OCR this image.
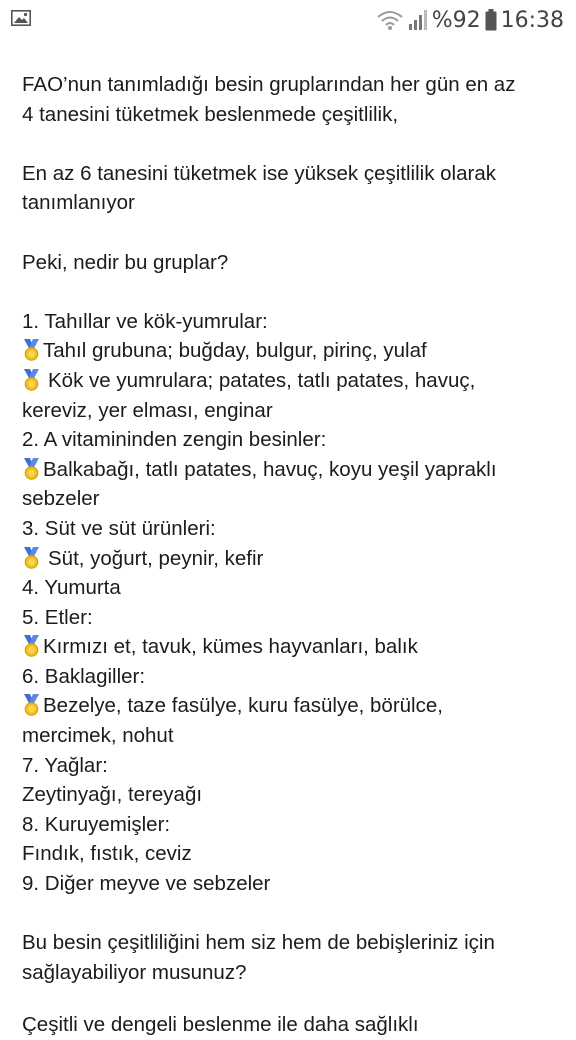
%92 16:38
FAO’nun tanımladığı besin gruplarından her gün en az
4 tanesini tüketmek beslenmede çeşitlilik,
En az 6 tanesini tüketmek ise yüksek çeşitlilik olarak
tanımlanıyor
Peki, nedir bu gruplar?
1. Tahıllar ve kök-yumrular:
Tahıl grubuna; buğday, bulgur, pirinç, yulaf
Kök ve yumrulara; patates, tatlı patates, havuç,
kereviz, yer elması, enginar
2. A vitamininden zengin besinler:
Balkabağı, tatlı patates, havuç, koyu yeşil yapraklı
sebzeler
3. Süt ve süt ürünleri:
Süt, yoğurt, peynir, kefir
4. Yumurta
5. Etler:
Kırmızı et, tavuk, kümes hayvanları, balık
6. Baklagiller:
Bezelye, taze fasülye, kuru fasülye, börülce,
mercimek, nohut
7. Yağlar:
Zeytinyağı, tereyağı
8. Kuruyemişler:
Fındık, fıstık, ceviz
9. Diğer meyve ve sebzeler
Bu besin çeşitliliğini hem siz hem de bebişleriniz için
sağlayabiliyor musunuz?
Çeşitli ve dengeli beslenme ile daha sağlıklı
